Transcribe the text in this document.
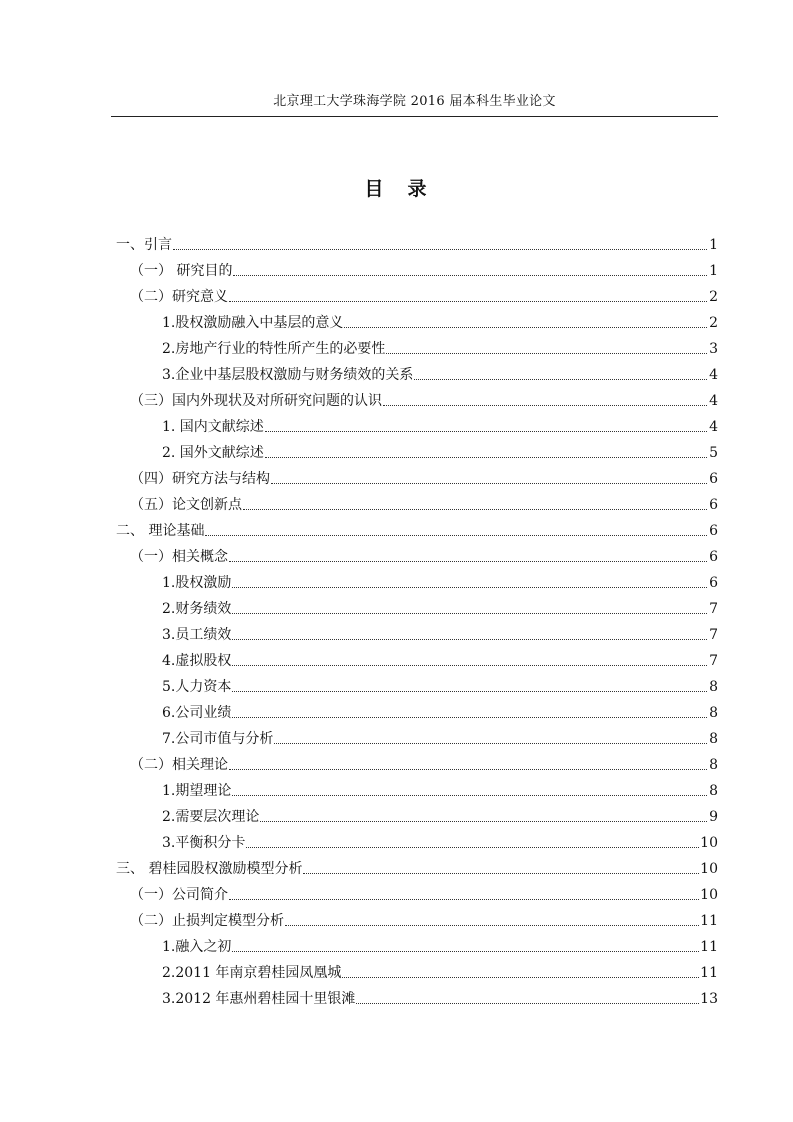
北京理工大学珠海学院 2016 届本科生毕业论文
目 录
一、引言	1
（一） 研究目的	1
（二）研究意义	2
1.股权激励融入中基层的意义	2
2.房地产行业的特性所产生的必要性	3
3.企业中基层股权激励与财务绩效的关系	4
（三）国内外现状及对所研究问题的认识	4
1. 国内文献综述	4
2. 国外文献综述	5
（四）研究方法与结构	6
（五）论文创新点	6
二、 理论基础	6
（一）相关概念	6
1.股权激励	6
2.财务绩效	7
3.员工绩效	7
4.虚拟股权	7
5.人力资本	8
6.公司业绩	8
7.公司市值与分析	8
（二）相关理论	8
1.期望理论	8
2.需要层次理论	9
3.平衡积分卡	10
三、 碧桂园股权激励模型分析	10
（一）公司简介	10
（二）止损判定模型分析	11
1.融入之初	11
2.2011 年南京碧桂园凤凰城	11
3.2012 年惠州碧桂园十里银滩	13
